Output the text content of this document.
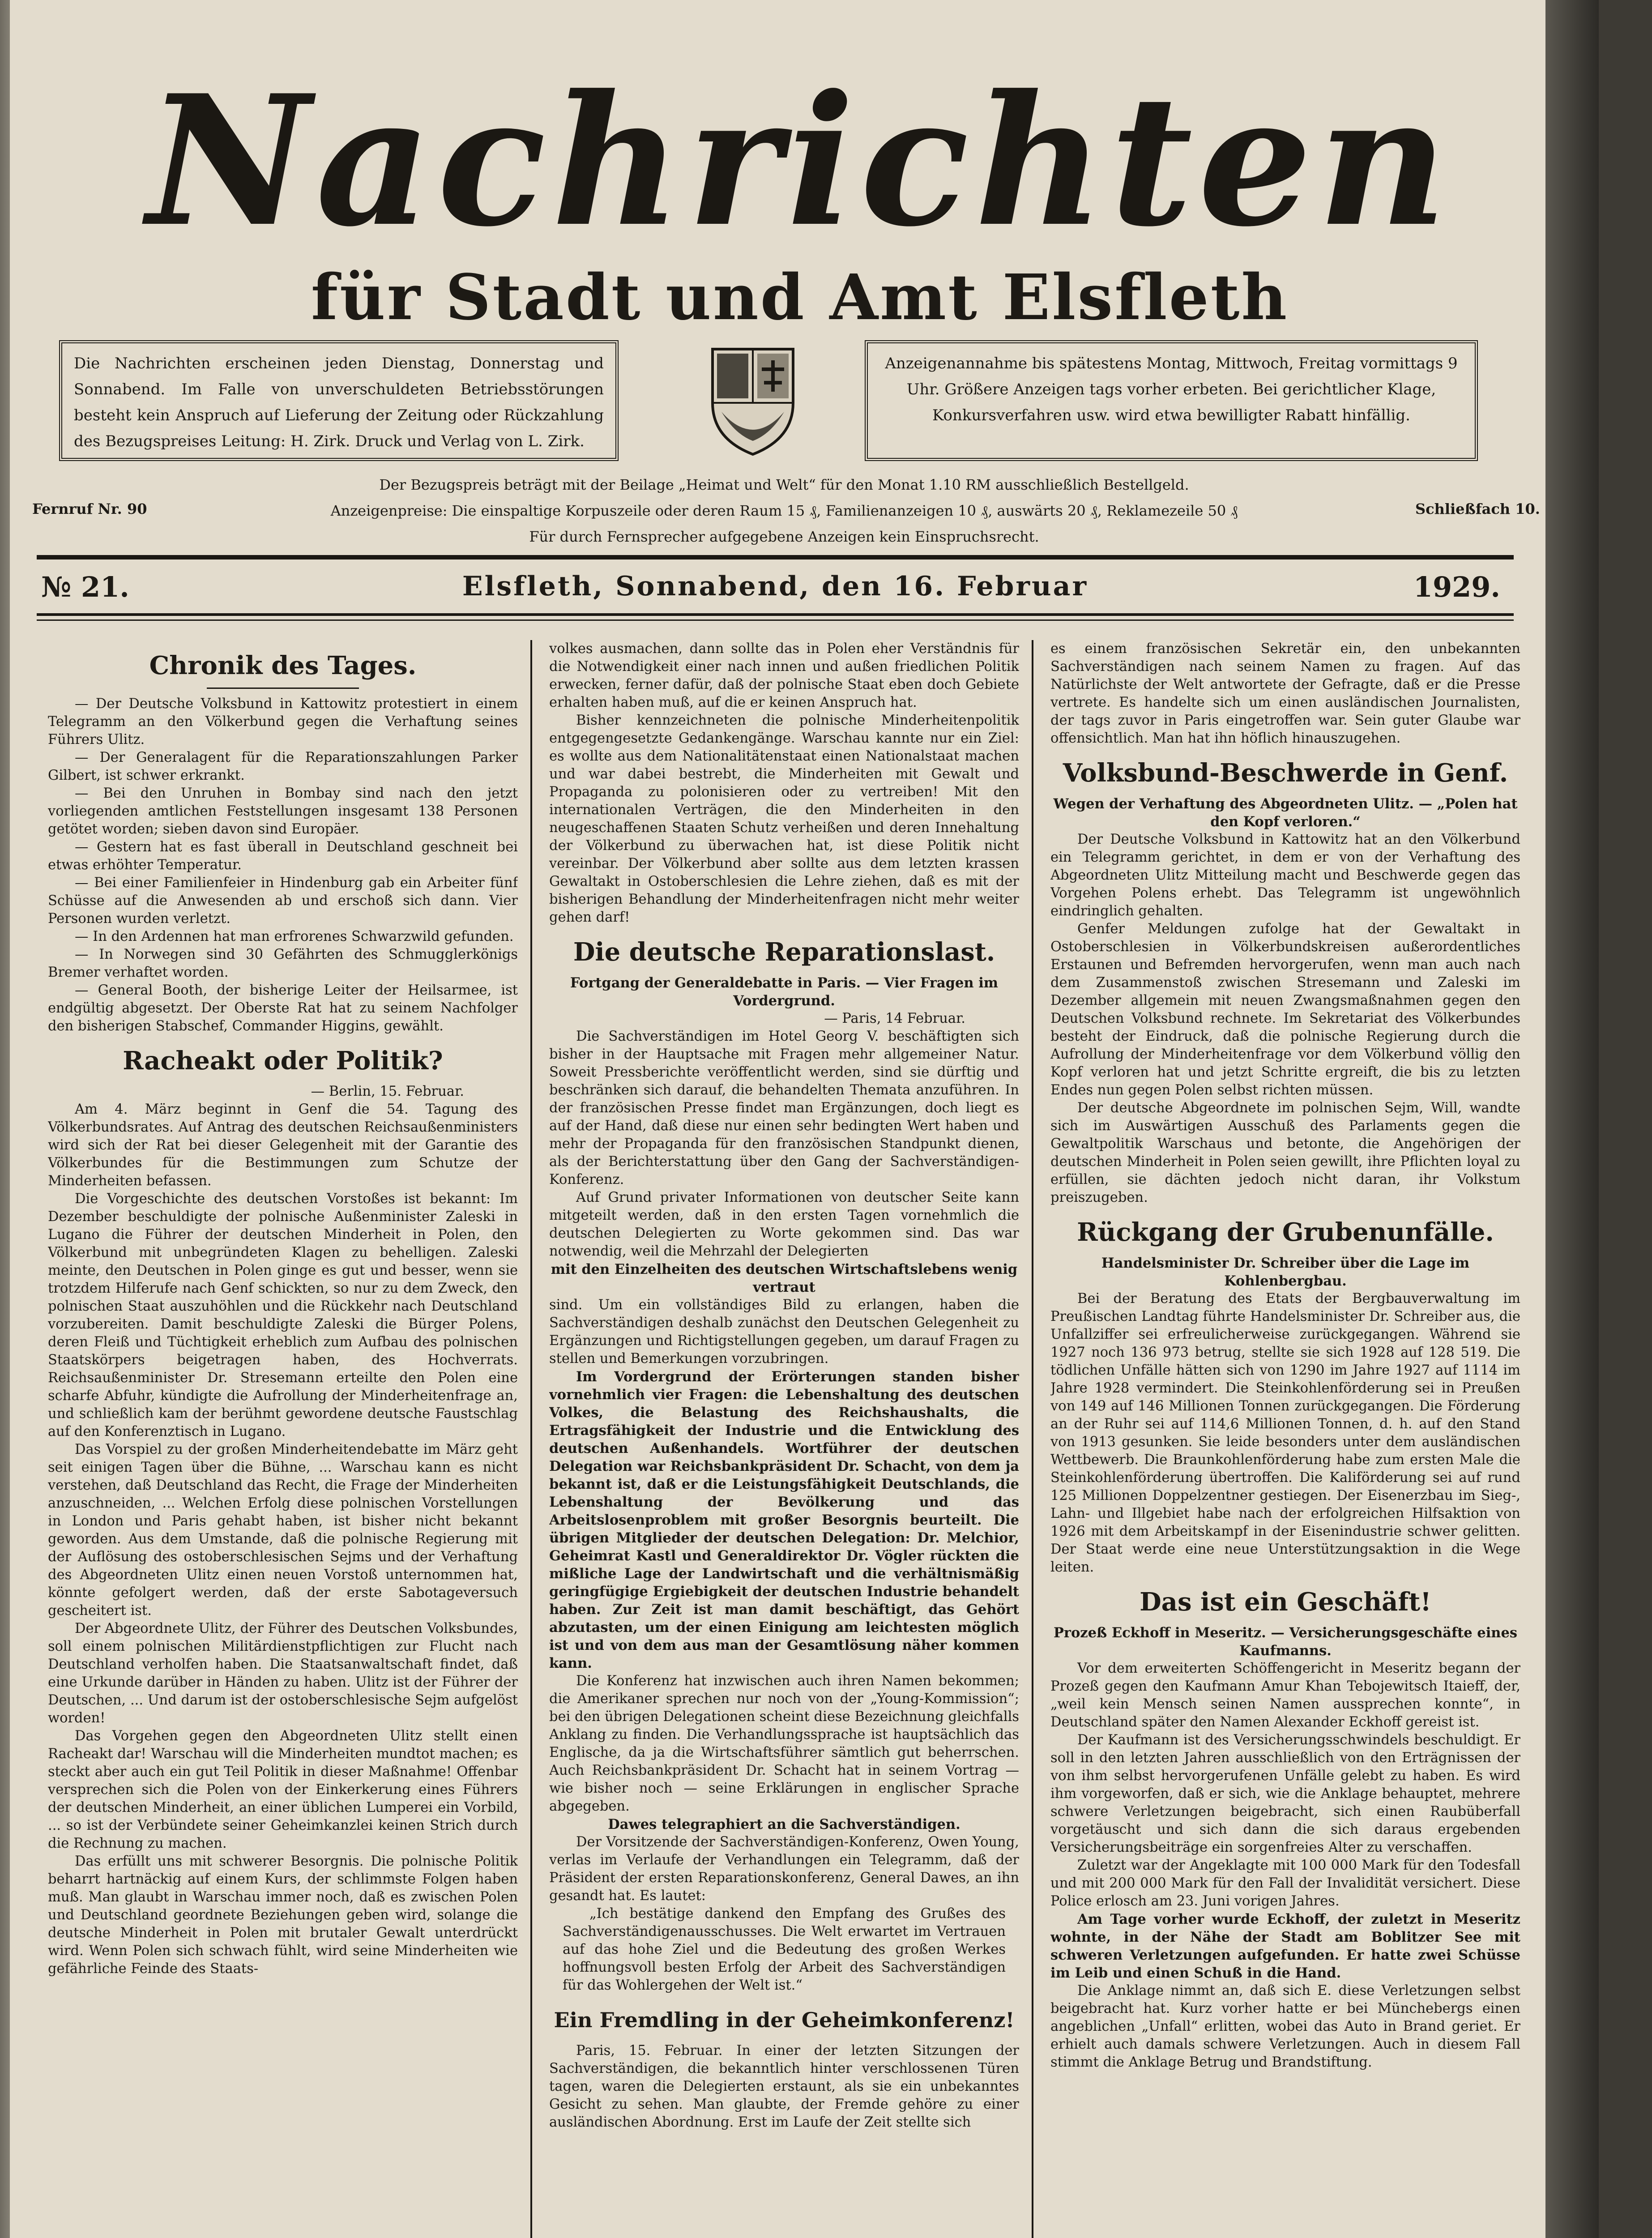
Nachrichten
für Stadt und Amt Elsfleth
Die Nachrichten erscheinen jeden Dienstag, Donnerstag und Sonnabend. Im Falle von unverschuldeten Betriebsstörungen besteht kein Anspruch auf Lieferung der Zeitung oder Rückzahlung des Bezugspreises Leitung: H. Zirk. Druck und Verlag von L. Zirk.
Anzeigenannahme bis spätestens Montag, Mittwoch, Freitag vormittags 9 Uhr. Größere Anzeigen tags vorher erbeten. Bei gerichtlicher Klage, Konkursverfahren usw. wird etwa bewilligter Rabatt hinfällig.
Der Bezugspreis beträgt mit der Beilage „Heimat und Welt“ für den Monat 1.10 RM ausschließlich Bestellgeld.
Fernruf Nr. 90	Anzeigenpreise: Die einspaltige Korpuszeile oder deren Raum 15 ₰, Familienanzeigen 10 ₰, auswärts 20 ₰, Reklamezeile 50 ₰	Schließfach 10.
Für durch Fernsprecher aufgegebene Anzeigen kein Einspruchsrecht.
№ 21.	Elsfleth, Sonnabend, den 16. Februar	1929.
Chronik des Tages.

— Der Deutsche Volksbund in Kattowitz protestiert in einem Telegramm an den Völkerbund gegen die Verhaftung seines Führers Ulitz.

— Der Generalagent für die Reparationszahlungen Parker Gilbert, ist schwer erkrankt.

— Bei den Unruhen in Bombay sind nach den jetzt vorliegenden amtlichen Feststellungen insgesamt 138 Personen getötet worden; sieben davon sind Europäer.

— Gestern hat es fast überall in Deutschland geschneit bei etwas erhöhter Temperatur.

— Bei einer Familienfeier in Hindenburg gab ein Arbeiter fünf Schüsse auf die Anwesenden ab und erschoß sich dann. Vier Personen wurden verletzt.

— In den Ardennen hat man erfrorenes Schwarzwild gefunden.

— In Norwegen sind 30 Gefährten des Schmugglerkönigs Bremer verhaftet worden.

— General Booth, der bisherige Leiter der Heilsarmee, ist endgültig abgesetzt. Der Oberste Rat hat zu seinem Nachfolger den bisherigen Stabschef, Commander Higgins, gewählt.

Racheakt oder Politik?

— Berlin, 15. Februar.

Am 4. März beginnt in Genf die 54. Tagung des Völkerbundsrates. Auf Antrag des deutschen Reichsaußenministers wird sich der Rat bei dieser Gelegenheit mit der Garantie des Völkerbundes für die Bestimmungen zum Schutze der Minderheiten befassen.

Die Vorgeschichte des deutschen Vorstoßes ist bekannt: Im Dezember beschuldigte der polnische Außenminister Zaleski in Lugano die Führer der deutschen Minderheit in Polen, den Völkerbund mit unbegründeten Klagen zu behelligen. Zaleski meinte, den Deutschen in Polen ginge es gut und besser, wenn sie trotzdem Hilferufe nach Genf schickten, so nur zu dem Zweck, den polnischen Staat auszuhöhlen und die Rückkehr nach Deutschland vorzubereiten. Damit beschuldigte Zaleski die Bürger Polens, deren Fleiß und Tüchtigkeit erheblich zum Aufbau des polnischen Staatskörpers beigetragen haben, des Hochverrats. Reichsaußenminister Dr. Stresemann erteilte den Polen eine scharfe Abfuhr, kündigte die Aufrollung der Minderheitenfrage an, und schließlich kam der berühmt gewordene deutsche Faustschlag auf den Konferenztisch in Lugano.

Das Vorspiel zu der großen Minderheitendebatte im März geht seit einigen Tagen über die Bühne, ... Warschau kann es nicht verstehen, daß Deutschland das Recht, die Frage der Minderheiten anzuschneiden, ... Welchen Erfolg diese polnischen Vorstellungen in London und Paris gehabt haben, ist bisher nicht bekannt geworden. Aus dem Umstande, daß die polnische Regierung mit der Auflösung des ostoberschlesischen Sejms und der Verhaftung des Abgeordneten Ulitz einen neuen Vorstoß unternommen hat, könnte gefolgert werden, daß der erste Sabotageversuch gescheitert ist.

Der Abgeordnete Ulitz, der Führer des Deutschen Volksbundes, soll einem polnischen Militärdienstpflichtigen zur Flucht nach Deutschland verholfen haben. Die Staatsanwaltschaft findet, daß eine Urkunde darüber in Händen zu haben. Ulitz ist der Führer der Deutschen, ... Und darum ist der ostoberschlesische Sejm aufgelöst worden!

Das Vorgehen gegen den Abgeordneten Ulitz stellt einen Racheakt dar! Warschau will die Minderheiten mundtot machen; es steckt aber auch ein gut Teil Politik in dieser Maßnahme! Offenbar versprechen sich die Polen von der Einkerkerung eines Führers der deutschen Minderheit, an einer üblichen Lumperei ein Vorbild, ... so ist der Verbündete seiner Geheimkanzlei keinen Strich durch die Rechnung zu machen.

Das erfüllt uns mit schwerer Besorgnis. Die polnische Politik beharrt hartnäckig auf einem Kurs, der schlimmste Folgen haben muß. Man glaubt in Warschau immer noch, daß es zwischen Polen und Deutschland geordnete Beziehungen geben wird, solange die deutsche Minderheit in Polen mit brutaler Gewalt unterdrückt wird. Wenn Polen sich schwach fühlt, wird seine Minderheiten wie gefährliche Feinde des Staats-

volkes ausmachen, dann sollte das in Polen eher Verständnis für die Notwendigkeit einer nach innen und außen friedlichen Politik erwecken, ferner dafür, daß der polnische Staat eben doch Gebiete erhalten haben muß, auf die er keinen Anspruch hat.

Bisher kennzeichneten die polnische Minderheitenpolitik entgegengesetzte Gedankengänge. Warschau kannte nur ein Ziel: es wollte aus dem Nationalitätenstaat einen Nationalstaat machen und war dabei bestrebt, die Minderheiten mit Gewalt und Propaganda zu polonisieren oder zu vertreiben! Mit den internationalen Verträgen, die den Minderheiten in den neugeschaffenen Staaten Schutz verheißen und deren Innehaltung der Völkerbund zu überwachen hat, ist diese Politik nicht vereinbar. Der Völkerbund aber sollte aus dem letzten krassen Gewaltakt in Ostoberschlesien die Lehre ziehen, daß es mit der bisherigen Behandlung der Minderheitenfragen nicht mehr weiter gehen darf!

Die deutsche Reparationslast.

Fortgang der Generaldebatte in Paris. — Vier Fragen im Vordergrund.

— Paris, 14 Februar.

Die Sachverständigen im Hotel Georg V. beschäftigten sich bisher in der Hauptsache mit Fragen mehr allgemeiner Natur. Soweit Pressberichte veröffentlicht werden, sind sie dürftig und beschränken sich darauf, die behandelten Themata anzuführen. In der französischen Presse findet man Ergänzungen, doch liegt es auf der Hand, daß diese nur einen sehr bedingten Wert haben und mehr der Propaganda für den französischen Standpunkt dienen, als der Berichterstattung über den Gang der Sachverständigen-Konferenz.

Auf Grund privater Informationen von deutscher Seite kann mitgeteilt werden, daß in den ersten Tagen vornehmlich die deutschen Delegierten zu Worte gekommen sind. Das war notwendig, weil die Mehrzahl der Delegierten

mit den Einzelheiten des deutschen Wirtschaftslebens wenig vertraut

sind. Um ein vollständiges Bild zu erlangen, haben die Sachverständigen deshalb zunächst den Deutschen Gelegenheit zu Ergänzungen und Richtigstellungen gegeben, um darauf Fragen zu stellen und Bemerkungen vorzubringen.

Im Vordergrund der Erörterungen standen bisher vornehmlich vier Fragen: die Lebenshaltung des deutschen Volkes, die Belastung des Reichshaushalts, die Ertragsfähigkeit der Industrie und die Entwicklung des deutschen Außenhandels. Wortführer der deutschen Delegation war Reichsbankpräsident Dr. Schacht, von dem ja bekannt ist, daß er die Leistungsfähigkeit Deutschlands, die Lebenshaltung der Bevölkerung und das Arbeitslosenproblem mit großer Besorgnis beurteilt. Die übrigen Mitglieder der deutschen Delegation: Dr. Melchior, Geheimrat Kastl und Generaldirektor Dr. Vögler rückten die mißliche Lage der Landwirtschaft und die verhältnismäßig geringfügige Ergiebigkeit der deutschen Industrie behandelt haben. Zur Zeit ist man damit beschäftigt, das Gehört abzutasten, um der einen Einigung am leichtesten möglich ist und von dem aus man der Gesamtlösung näher kommen kann.

Die Konferenz hat inzwischen auch ihren Namen bekommen; die Amerikaner sprechen nur noch von der „Young-Kommission“; bei den übrigen Delegationen scheint diese Bezeichnung gleichfalls Anklang zu finden. Die Verhandlungssprache ist hauptsächlich das Englische, da ja die Wirtschaftsführer sämtlich gut beherrschen. Auch Reichsbankpräsident Dr. Schacht hat in seinem Vortrag — wie bisher noch — seine Erklärungen in englischer Sprache abgegeben.

Dawes telegraphiert an die Sachverständigen.

Der Vorsitzende der Sachverständigen-Konferenz, Owen Young, verlas im Verlaufe der Verhandlungen ein Telegramm, daß der Präsident der ersten Reparationskonferenz, General Dawes, an ihn gesandt hat. Es lautet:

„Ich bestätige dankend den Empfang des Grußes des Sachverständigenausschusses. Die Welt erwartet im Vertrauen auf das hohe Ziel und die Bedeutung des großen Werkes hoffnungsvoll besten Erfolg der Arbeit des Sachverständigen für das Wohlergehen der Welt ist.“

Ein Fremdling in der Geheimkonferenz!

Paris, 15. Februar. In einer der letzten Sitzungen der Sachverständigen, die bekanntlich hinter verschlossenen Türen tagen, waren die Delegierten erstaunt, als sie ein unbekanntes Gesicht zu sehen. Man glaubte, der Fremde gehöre zu einer ausländischen Abordnung. Erst im Laufe der Zeit stellte sich

es einem französischen Sekretär ein, den unbekannten Sachverständigen nach seinem Namen zu fragen. Auf das Natürlichste der Welt antwortete der Gefragte, daß er die Presse vertrete. Es handelte sich um einen ausländischen Journalisten, der tags zuvor in Paris eingetroffen war. Sein guter Glaube war offensichtlich. Man hat ihn höflich hinauszugehen.

Volksbund-Beschwerde in Genf.

Wegen der Verhaftung des Abgeordneten Ulitz. — „Polen hat den Kopf verloren.“

Der Deutsche Volksbund in Kattowitz hat an den Völkerbund ein Telegramm gerichtet, in dem er von der Verhaftung des Abgeordneten Ulitz Mitteilung macht und Beschwerde gegen das Vorgehen Polens erhebt. Das Telegramm ist ungewöhnlich eindringlich gehalten.

Genfer Meldungen zufolge hat der Gewaltakt in Ostoberschlesien in Völkerbundskreisen außerordentliches Erstaunen und Befremden hervorgerufen, wenn man auch nach dem Zusammenstoß zwischen Stresemann und Zaleski im Dezember allgemein mit neuen Zwangsmaßnahmen gegen den Deutschen Volksbund rechnete. Im Sekretariat des Völkerbundes besteht der Eindruck, daß die polnische Regierung durch die Aufrollung der Minderheitenfrage vor dem Völkerbund völlig den Kopf verloren hat und jetzt Schritte ergreift, die bis zu letzten Endes nun gegen Polen selbst richten müssen.

Der deutsche Abgeordnete im polnischen Sejm, Will, wandte sich im Auswärtigen Ausschuß des Parlaments gegen die Gewaltpolitik Warschaus und betonte, die Angehörigen der deutschen Minderheit in Polen seien gewillt, ihre Pflichten loyal zu erfüllen, sie dächten jedoch nicht daran, ihr Volkstum preiszugeben.

Rückgang der Grubenunfälle.

Handelsminister Dr. Schreiber über die Lage im Kohlenbergbau.

Bei der Beratung des Etats der Bergbauverwaltung im Preußischen Landtag führte Handelsminister Dr. Schreiber aus, die Unfallziffer sei erfreulicherweise zurückgegangen. Während sie 1927 noch 136 973 betrug, stellte sie sich 1928 auf 128 519. Die tödlichen Unfälle hätten sich von 1290 im Jahre 1927 auf 1114 im Jahre 1928 vermindert. Die Steinkohlenförderung sei in Preußen von 149 auf 146 Millionen Tonnen zurückgegangen. Die Förderung an der Ruhr sei auf 114,6 Millionen Tonnen, d. h. auf den Stand von 1913 gesunken. Sie leide besonders unter dem ausländischen Wettbewerb. Die Braunkohlenförderung habe zum ersten Male die Steinkohlenförderung übertroffen. Die Kaliförderung sei auf rund 125 Millionen Doppelzentner gestiegen. Der Eisenerzbau im Sieg-, Lahn- und Illgebiet habe nach der erfolgreichen Hilfsaktion von 1926 mit dem Arbeitskampf in der Eisenindustrie schwer gelitten. Der Staat werde eine neue Unterstützungsaktion in die Wege leiten.

Das ist ein Geschäft!

Prozeß Eckhoff in Meseritz. — Versicherungsgeschäfte eines Kaufmanns.

Vor dem erweiterten Schöffengericht in Meseritz begann der Prozeß gegen den Kaufmann Amur Khan Tebojewitsch Itaieff, der, „weil kein Mensch seinen Namen aussprechen konnte“, in Deutschland später den Namen Alexander Eckhoff gereist ist.

Der Kaufmann ist des Versicherungsschwindels beschuldigt. Er soll in den letzten Jahren ausschließlich von den Erträgnissen der von ihm selbst hervorgerufenen Unfälle gelebt zu haben. Es wird ihm vorgeworfen, daß er sich, wie die Anklage behauptet, mehrere schwere Verletzungen beigebracht, sich einen Raubüberfall vorgetäuscht und sich dann die sich daraus ergebenden Versicherungsbeiträge ein sorgenfreies Alter zu verschaffen.

Zuletzt war der Angeklagte mit 100 000 Mark für den Todesfall und mit 200 000 Mark für den Fall der Invalidität versichert. Diese Police erlosch am 23. Juni vorigen Jahres.

Am Tage vorher wurde Eckhoff, der zuletzt in Meseritz wohnte, in der Nähe der Stadt am Boblitzer See mit schweren Verletzungen aufgefunden. Er hatte zwei Schüsse im Leib und einen Schuß in die Hand.

Die Anklage nimmt an, daß sich E. diese Verletzungen selbst beigebracht hat. Kurz vorher hatte er bei Münchebergs einen angeblichen „Unfall“ erlitten, wobei das Auto in Brand geriet. Er erhielt auch damals schwere Verletzungen. Auch in diesem Fall stimmt die Anklage Betrug und Brandstiftung.
